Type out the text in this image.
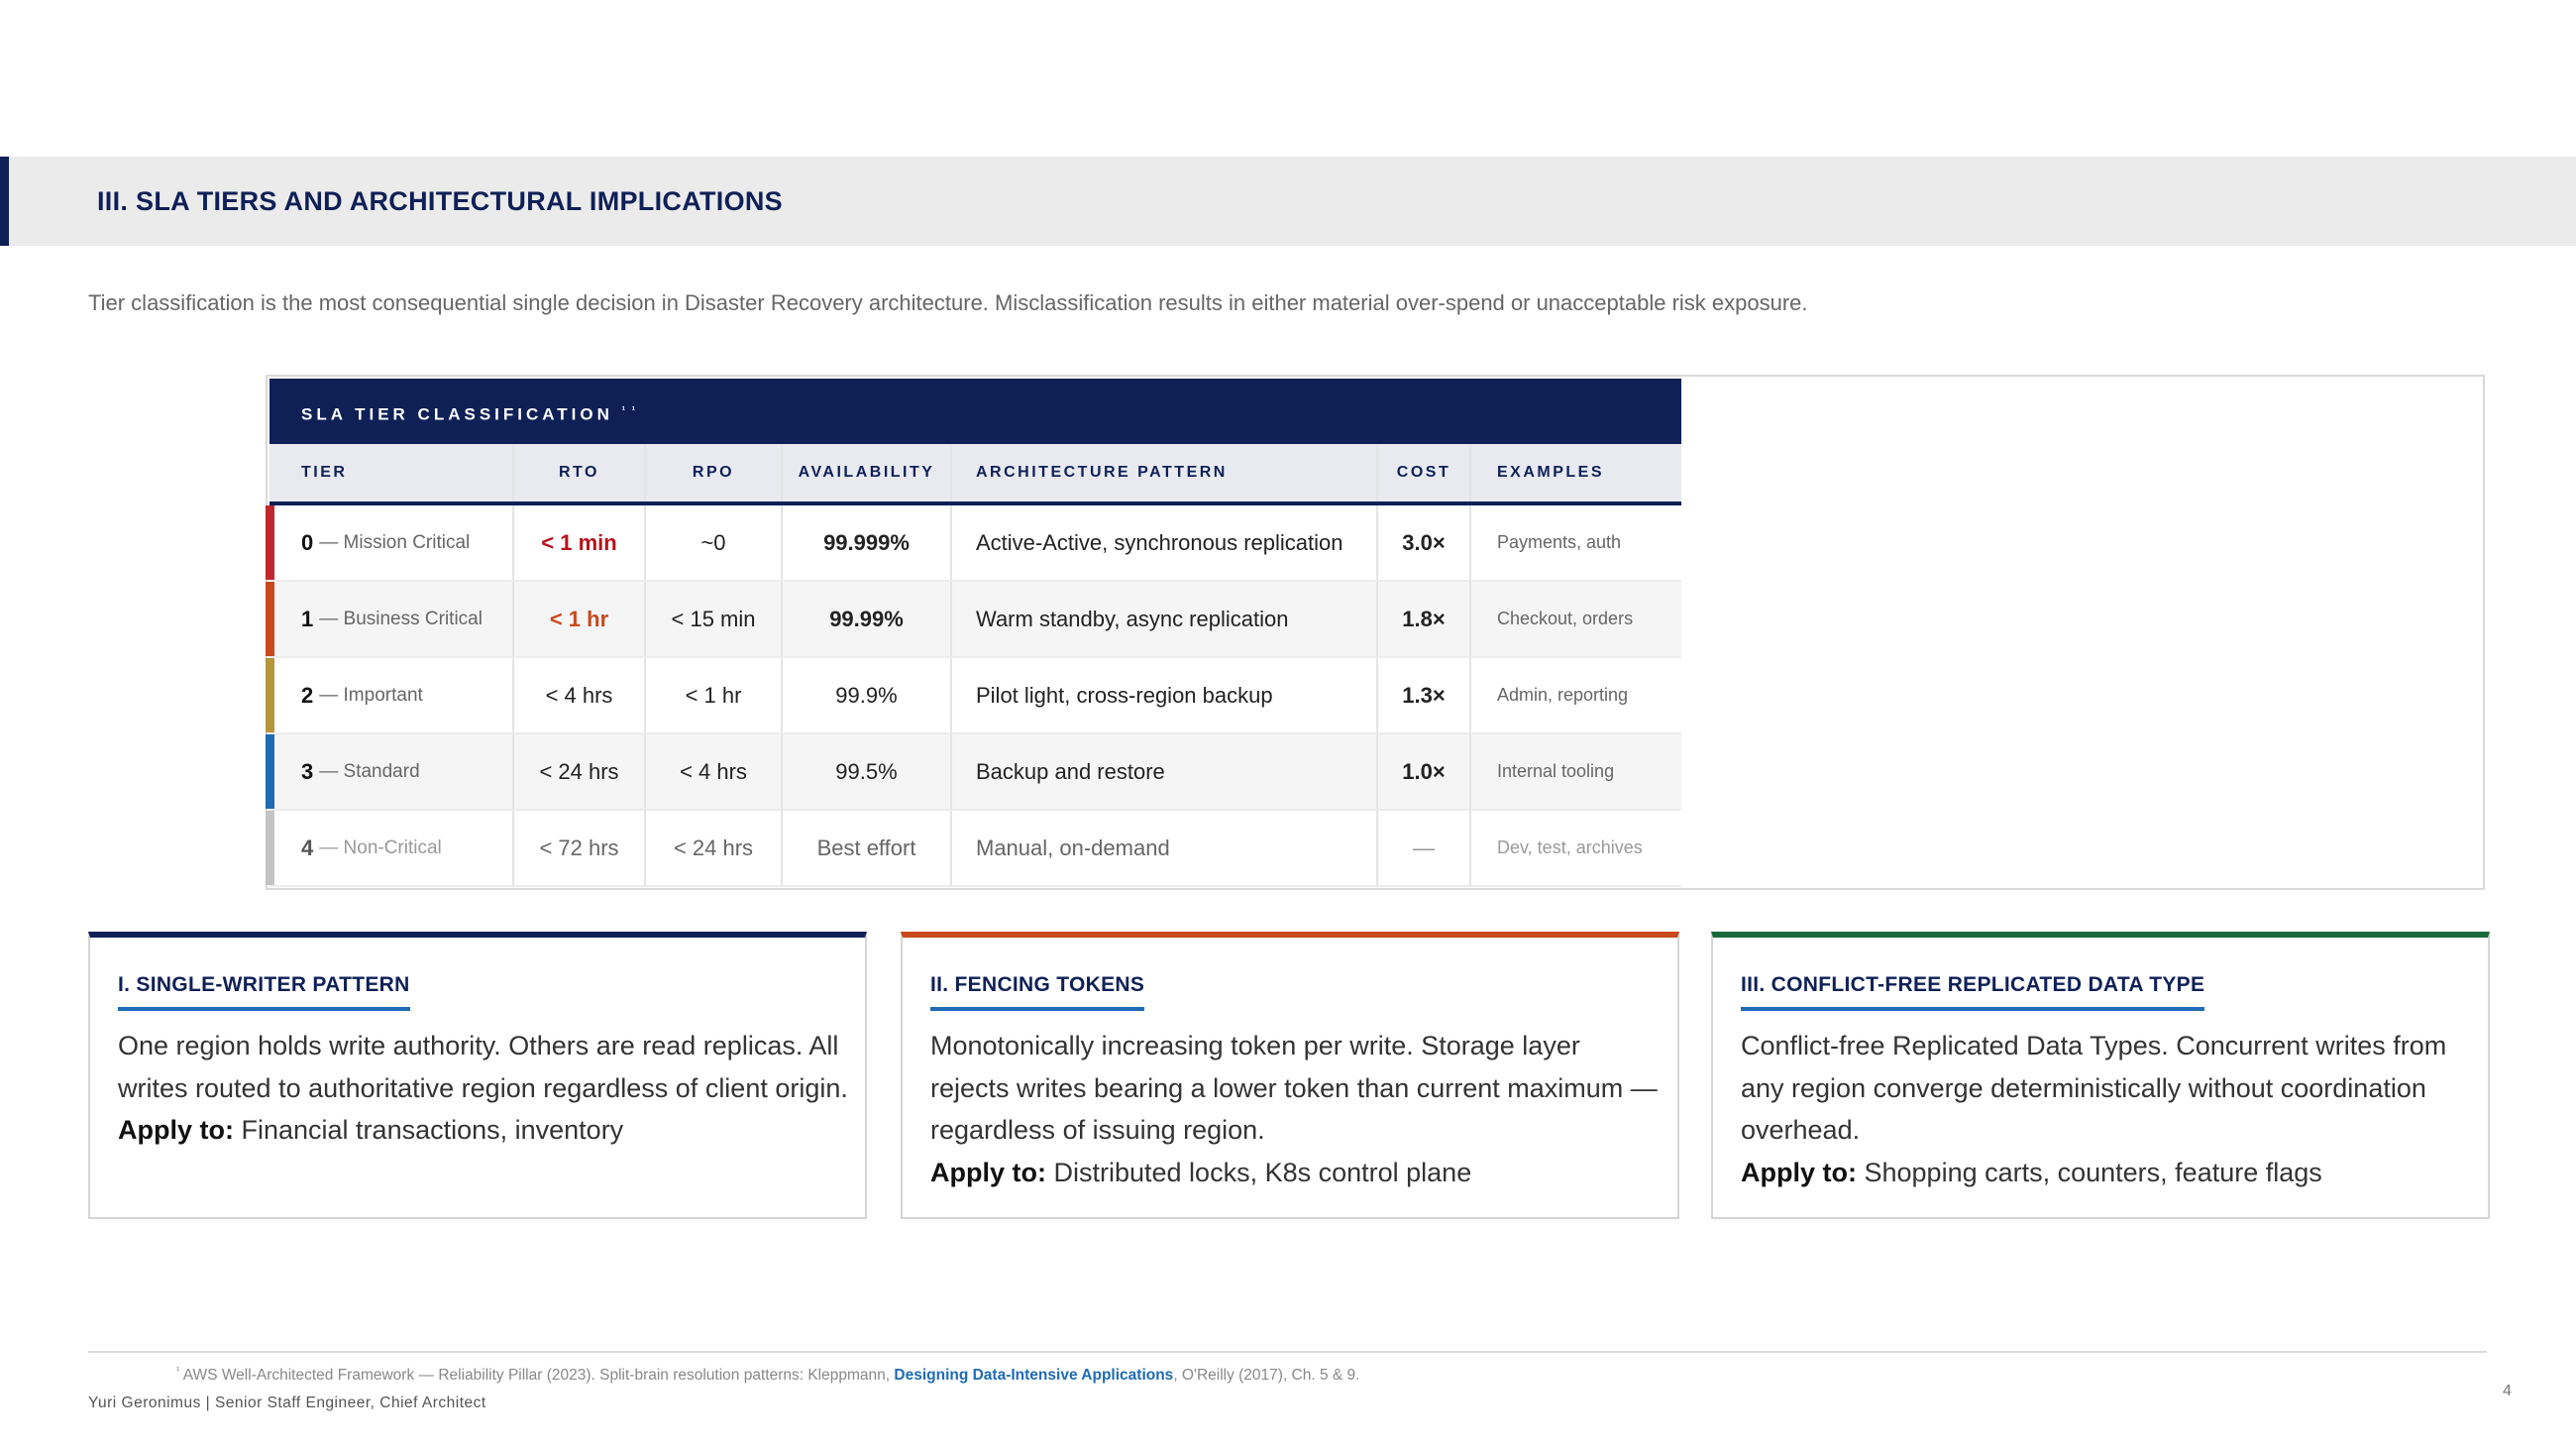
III. SLA TIERS AND ARCHITECTURAL IMPLICATIONS
Tier classification is the most consequential single decision in Disaster Recovery architecture. Misclassification results in either material over-spend or unacceptable risk exposure.
SLA TIER CLASSIFICATION $^{^1 ^1}$
TIER	RTO	RPO	AVAILABILITY	ARCHITECTURE PATTERN	COST	EXAMPLES
0 — Mission Critical	< 1 min	~0	99.999%	Active-Active, synchronous replication	3.0×	Payments, auth
1 — Business Critical	< 1 hr	< 15 min	99.99%	Warm standby, async replication	1.8×	Checkout, orders
2 — Important	< 4 hrs	< 1 hr	99.9%	Pilot light, cross-region backup	1.3×	Admin, reporting
3 — Standard	< 24 hrs	< 4 hrs	99.5%	Backup and restore	1.0×	Internal tooling
4 — Non-Critical	< 72 hrs	< 24 hrs	Best effort	Manual, on-demand	—	Dev, test, archives
I. SINGLE-WRITER PATTERN
One region holds write authority. Others are read replicas. All writes routed to authoritative region regardless of client origin.
Apply to: Financial transactions, inventory
II. FENCING TOKENS
Monotonically increasing token per write. Storage layer rejects writes bearing a lower token than current maximum — regardless of issuing region.
Apply to: Distributed locks, K8s control plane
III. CONFLICT-FREE REPLICATED DATA TYPE
Conflict-free Replicated Data Types. Concurrent writes from any region converge deterministically without coordination overhead.
Apply to: Shopping carts, counters, feature flags
$^{^1}$ AWS Well-Architected Framework — Reliability Pillar (2023). Split-brain resolution patterns: Kleppmann, Designing Data-Intensive Applications, O'Reilly (2017), Ch. 5 & 9.
Yuri Geronimus | Senior Staff Engineer, Chief Architect
4
